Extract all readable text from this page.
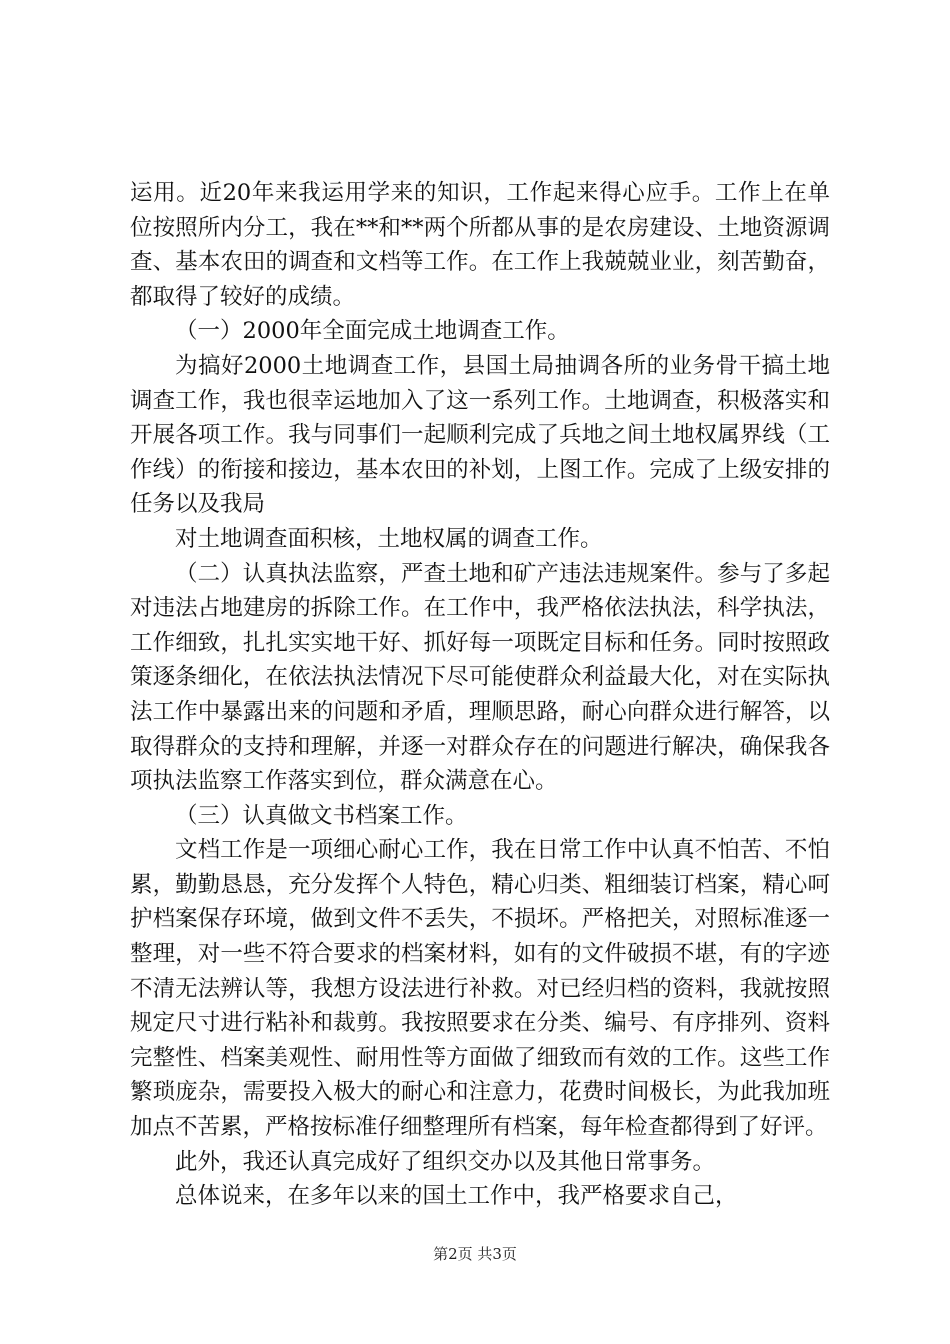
运用。近20年来我运用学来的知识，工作起来得心应手。工作上在单位按照所内分工，我在**和**两个所都从事的是农房建设、土地资源调查、基本农田的调查和文档等工作。在工作上我兢兢业业，刻苦勤奋，都取得了较好的成绩。

（一）2000年全面完成土地调查工作。

为搞好2000土地调查工作，县国土局抽调各所的业务骨干搞土地调查工作，我也很幸运地加入了这一系列工作。土地调查，积极落实和开展各项工作。我与同事们一起顺利完成了兵地之间土地权属界线（工作线）的衔接和接边，基本农田的补划，上图工作。完成了上级安排的任务以及我局

对土地调查面积核，土地权属的调查工作。

（二）认真执法监察，严查土地和矿产违法违规案件。参与了多起对违法占地建房的拆除工作。在工作中，我严格依法执法，科学执法，工作细致，扎扎实实地干好、抓好每一项既定目标和任务。同时按照政策逐条细化，在依法执法情况下尽可能使群众利益最大化，对在实际执法工作中暴露出来的问题和矛盾，理顺思路，耐心向群众进行解答，以取得群众的支持和理解，并逐一对群众存在的问题进行解决，确保我各项执法监察工作落实到位，群众满意在心。

（三）认真做文书档案工作。

文档工作是一项细心耐心工作，我在日常工作中认真不怕苦、不怕累，勤勤恳恳，充分发挥个人特色，精心归类、粗细装订档案，精心呵护档案保存环境，做到文件不丢失，不损坏。严格把关，对照标准逐一整理，对一些不符合要求的档案材料，如有的文件破损不堪，有的字迹不清无法辨认等，我想方设法进行补救。对已经归档的资料，我就按照规定尺寸进行粘补和裁剪。我按照要求在分类、编号、有序排列、资料完整性、档案美观性、耐用性等方面做了细致而有效的工作。这些工作繁琐庞杂，需要投入极大的耐心和注意力，花费时间极长，为此我加班加点不苦累，严格按标准仔细整理所有档案，每年检查都得到了好评。

此外，我还认真完成好了组织交办以及其他日常事务。

总体说来，在多年以来的国土工作中，我严格要求自己，

第2页 共3页
